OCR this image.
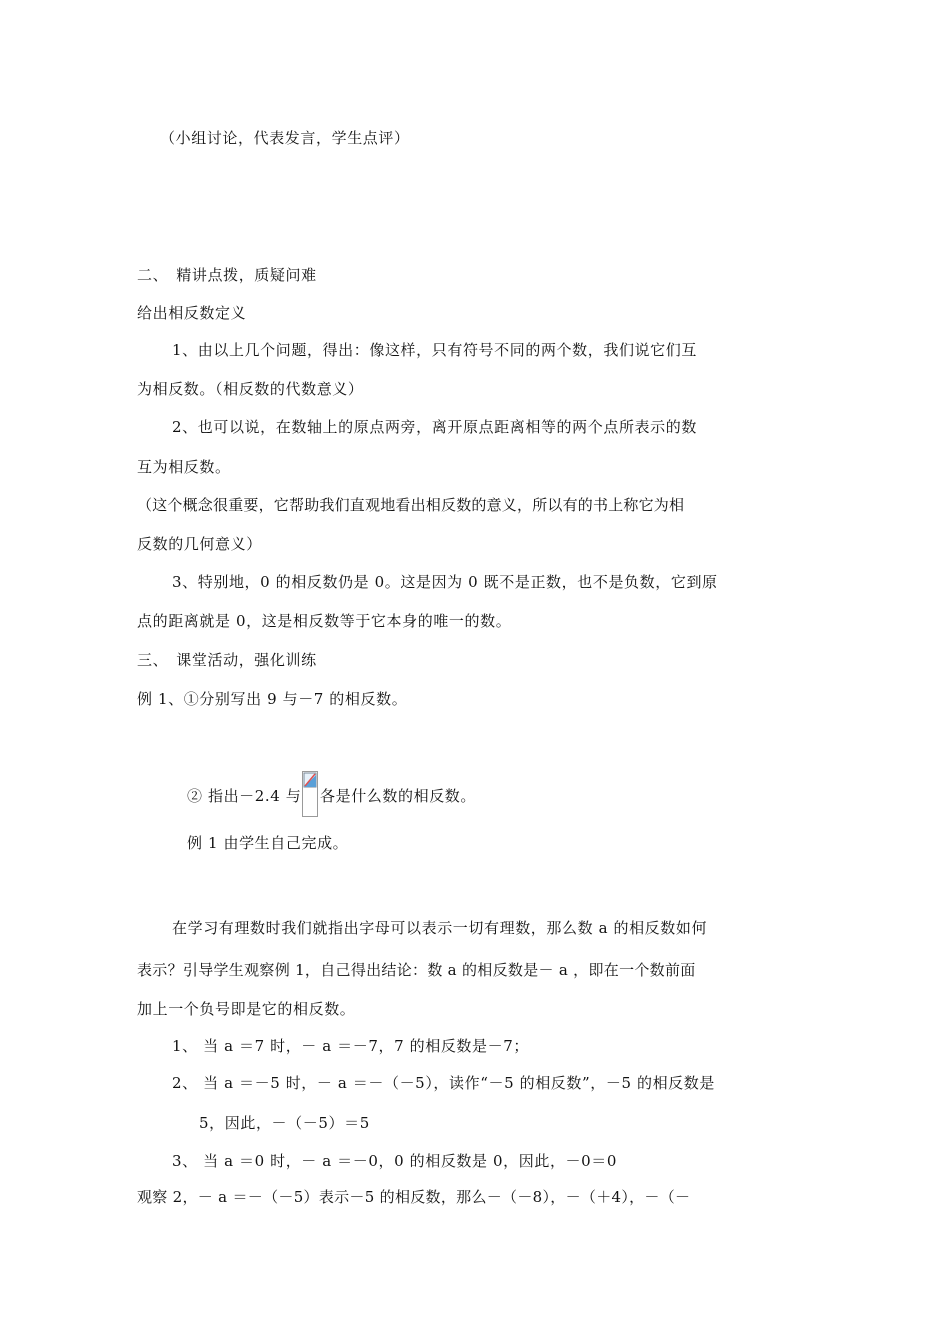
（小组讨论，代表发言，学生点评）
二、　精讲点拨，质疑问难
给出相反数定义
1、由以上几个问题，得出：像这样，只有符号不同的两个数，我们说它们互
为相反数。（相反数的代数意义）
2、也可以说，在数轴上的原点两旁，离开原点距离相等的两个点所表示的数
互为相反数。
（这个概念很重要，它帮助我们直观地看出相反数的意义，所以有的书上称它为相
反数的几何意义）
3、特别地，0 的相反数仍是 0。这是因为 0 既不是正数，也不是负数，它到原
点的距离就是 0，这是相反数等于它本身的唯一的数。
三、　课堂活动，强化训练
例 1、①分别写出 9 与－7 的相反数。
② 指出－2.4 与 各是什么数的相反数。
例 1 由学生自己完成。
在学习有理数时我们就指出字母可以表示一切有理数，那么数 a 的相反数如何
表示？引导学生观察例 1，自己得出结论：数 a 的相反数是－ a ，即在一个数前面
加上一个负号即是它的相反数。
1、 当 a ＝7 时，－ a ＝－7，7 的相反数是－7；
2、 当 a ＝－5 时，－ a ＝－（－5），读作“－5 的相反数”，－5 的相反数是
5，因此，－（－5）＝5
3、 当 a ＝0 时，－ a ＝－0，0 的相反数是 0，因此，－0＝0
观察 2，－ a ＝－（－5）表示－5 的相反数，那么－（－8），－（＋4），－（－
